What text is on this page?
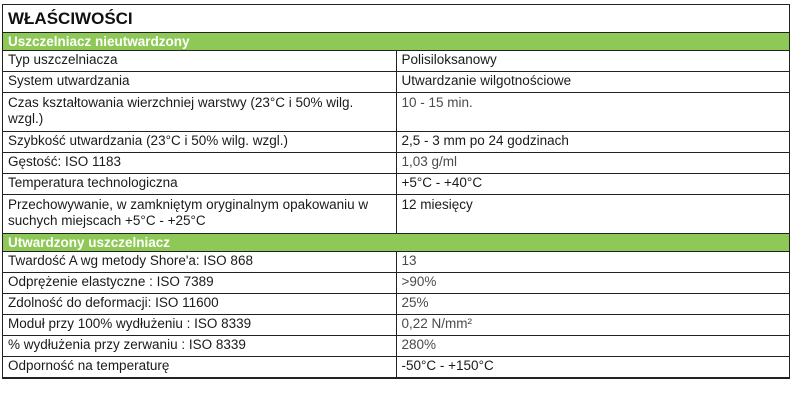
WŁAŚCIWOŚCI
Uszczelniacz nieutwardzony	
Typ uszczelniacza	Polisiloksanowy
System utwardzania	Utwardzanie wilgotnościowe
Czas kształtowania wierzchniej warstwy (23°C i 50% wilg. wzgl.)	10 - 15 min.
Szybkość utwardzania (23°C i 50% wilg. wzgl.)	2,5 - 3 mm po 24 godzinach
Gęstość: ISO 1183	1,03 g/ml
Temperatura technologiczna	+5°C - +40°C
Przechowywanie, w zamkniętym oryginalnym opakowaniu w suchych miejscach +5°C - +25°C	12 miesięcy
Utwardzony uszczelniacz	
Twardość A wg metody Shore'a: ISO 868	13
Odprężenie elastyczne : ISO 7389	>90%
Zdolność do deformacji: ISO 11600	25%
Moduł przy 100% wydłużeniu : ISO 8339	0,22 N/mm²
% wydłużenia przy zerwaniu : ISO 8339	280%
Odporność na temperaturę	-50°C - +150°C
